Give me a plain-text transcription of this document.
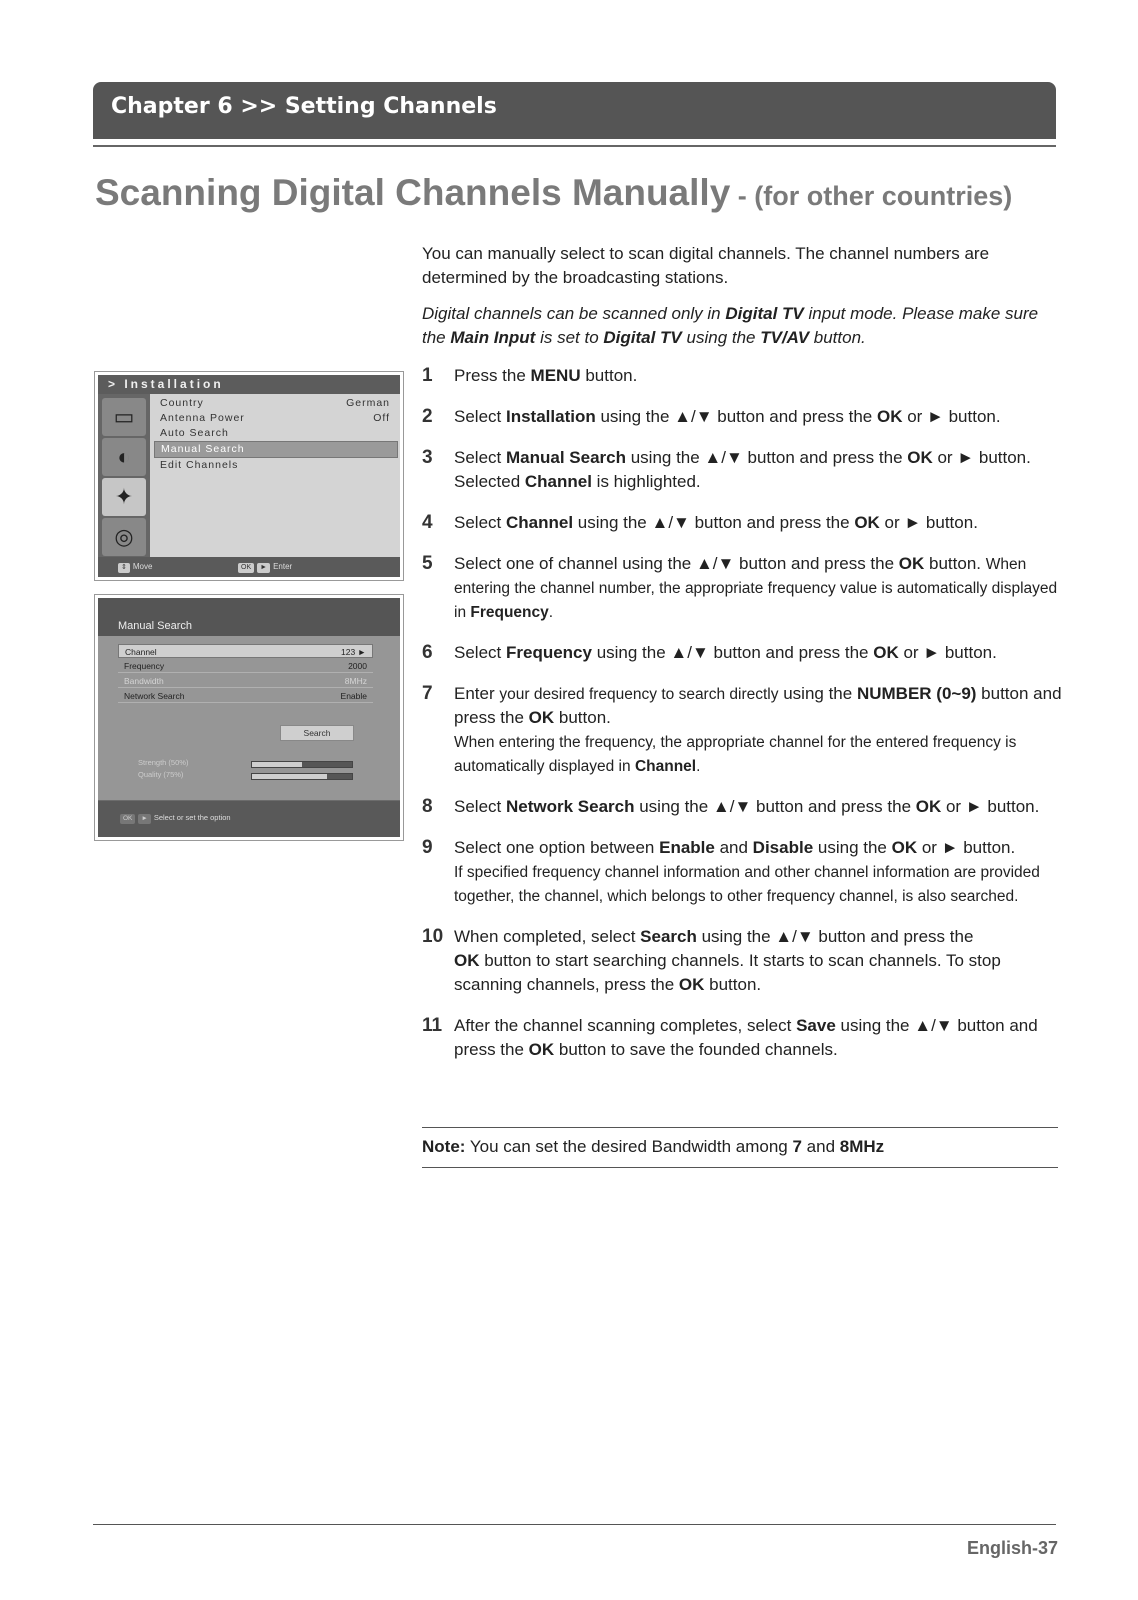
Chapter 6 >> Setting Channels
Scanning Digital Channels Manually - (for other countries)

You can manually select to scan digital channels. The channel numbers are determined by the broadcasting stations.

Digital channels can be scanned only in Digital TV input mode. Please make sure the Main Input is set to Digital TV using the TV/AV button.

> Installation
▭
◐
✦
◎
Country	German
Antenna Power	Off
Auto Search
Manual Search
Edit Channels
⇕ Move	OK ► Enter
Manual Search
Channel	123 ►
Frequency	2000
Bandwidth	8MHz
Network Search	Enable
Search
Strength (50%)
Quality (75%)
OK ► Select or set the option
1	Press the MENU button.
2	Select Installation using the ▲/▼ button and press the OK or ► button.
3	Select Manual Search using the ▲/▼ button and press the OK or ► button. Selected Channel is highlighted.
4	Select Channel using the ▲/▼ button and press the OK or ► button.
5	Select one of channel using the ▲/▼ button and press the OK button. When entering the channel number, the appropriate frequency value is automatically displayed in Frequency.
6	Select Frequency using the ▲/▼ button and press the OK or ► button.
7	Enter your desired frequency to search directly using the NUMBER (0~9) button and press the OK button.
When entering the frequency, the appropriate channel for the entered frequency is automatically displayed in Channel.
8	Select Network Search using the ▲/▼ button and press the OK or ► button.
9	Select one option between Enable and Disable using the OK or ► button.
If specified frequency channel information and other channel information are provided together, the channel, which belongs to other frequency channel, is also searched.
10 When completed, select Search using the ▲/▼ button and press the
OK button to start searching channels. It starts to scan channels. To stop scanning channels, press the OK button.
11 After the channel scanning completes, select Save using the ▲/▼ button and press the OK button to save the founded channels.
Note: You can set the desired Bandwidth among 7 and 8MHz
English-37
